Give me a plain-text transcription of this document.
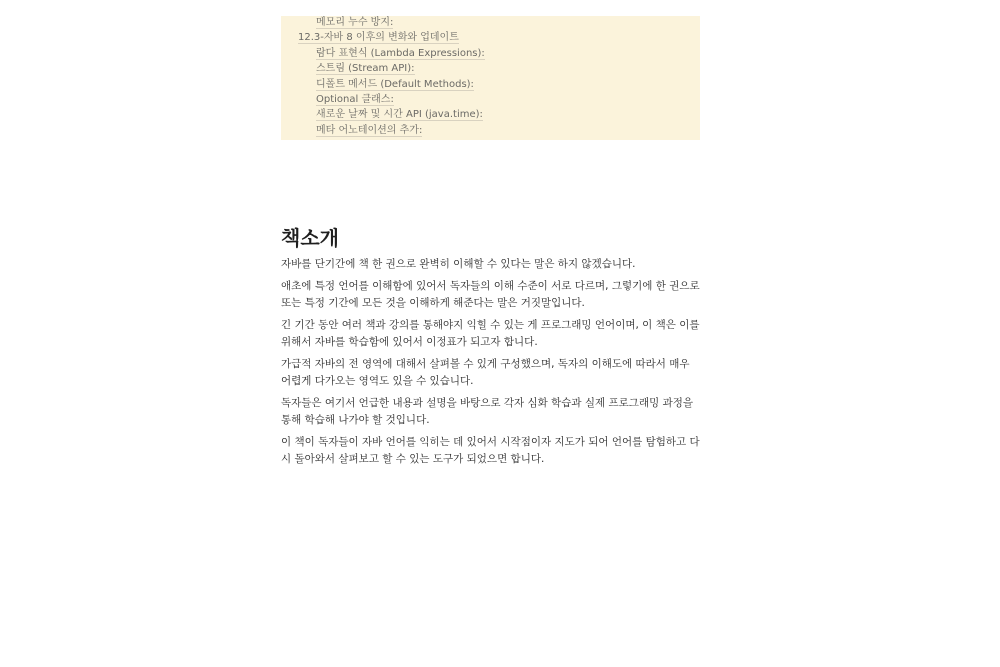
메모리 누수 방지:
12.3-자바 8 이후의 변화와 업데이트
람다 표현식 (Lambda Expressions):
스트림 (Stream API):
디폴트 메서드 (Default Methods):
Optional 클래스:
새로운 날짜 및 시간 API (java.time):
메타 어노테이션의 추가:
책소개

자바를 단기간에 책 한 권으로 완벽히 이해할 수 있다는 말은 하지 않겠습니다.

애초에 특정 언어를 이해함에 있어서 독자들의 이해 수준이 서로 다르며, 그렇기에 한 권으로 또는 특정 기간에 모든 것을 이해하게 해준다는 말은 거짓말입니다.

긴 기간 동안 여러 책과 강의를 통해야지 익힐 수 있는 게 프로그래밍 언어이며, 이 책은 이를 위해서 자바를 학습함에 있어서 이정표가 되고자 합니다.

가급적 자바의 전 영역에 대해서 살펴볼 수 있게 구성했으며, 독자의 이해도에 따라서 매우 어렵게 다가오는 영역도 있을 수 있습니다.

독자들은 여기서 언급한 내용과 설명을 바탕으로 각자 심화 학습과 실제 프로그래밍 과정을 통해 학습해 나가야 할 것입니다.

이 책이 독자들이 자바 언어를 익히는 데 있어서 시작점이자 지도가 되어 언어를 탐험하고 다시 돌아와서 살펴보고 할 수 있는 도구가 되었으면 합니다.
